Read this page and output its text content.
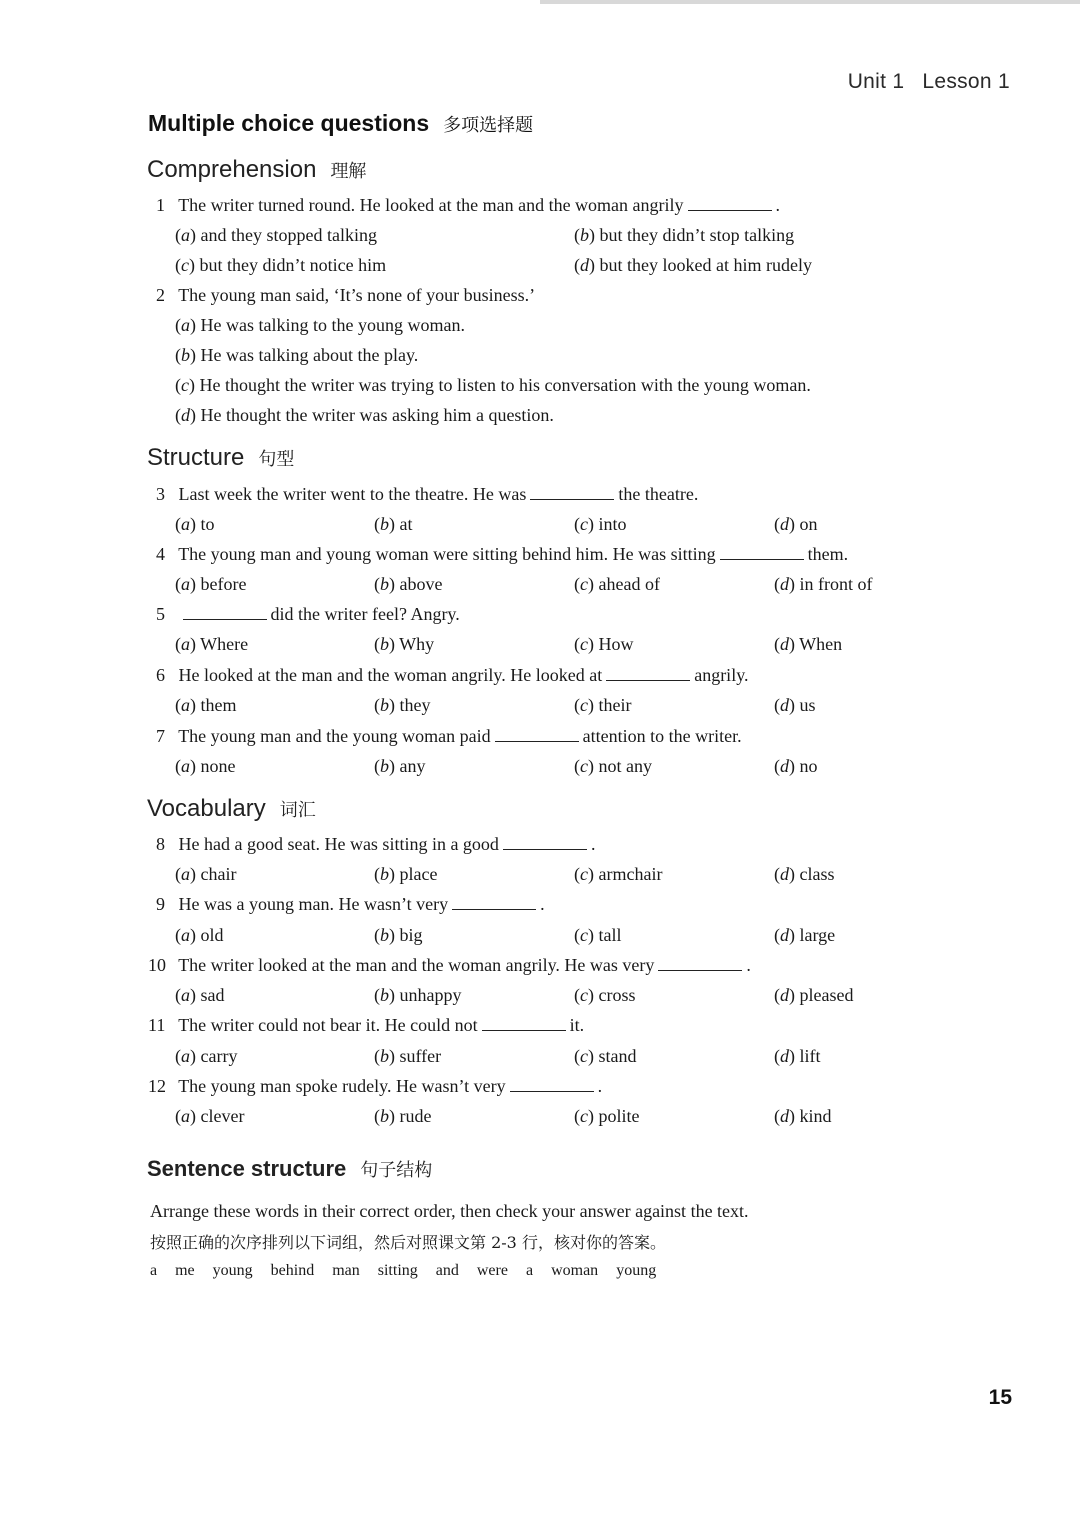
Unit 1 Lesson 1
Multiple choice questions 多项选择题
Comprehension 理解
1 The writer turned round. He looked at the man and the woman angrily	.
(a) and they stopped talking	(b) but they didn’t stop talking
(c) but they didn’t notice him	(d) but they looked at him rudely
2 The young man said, ‘It’s none of your business.’
(a) He was talking to the young woman.
(b) He was talking about the play.
(c) He thought the writer was trying to listen to his conversation with the young woman.
(d) He thought the writer was asking him a question.
Structure 句型
3 Last week the writer went to the theatre. He was	the theatre.
(a) to	(b) at	(c) into	(d) on
4 The young man and young woman were sitting behind him. He was sitting	them.
(a) before	(b) above	(c) ahead of	(d) in front of
5	did the writer feel? Angry.
(a) Where	(b) Why	(c) How	(d) When
6 He looked at the man and the woman angrily. He looked at	angrily.
(a) them	(b) they	(c) their	(d) us
7 The young man and the young woman paid	attention to the writer.
(a) none	(b) any	(c) not any	(d) no
Vocabulary 词汇
8 He had a good seat. He was sitting in a good	.
(a) chair	(b) place	(c) armchair	(d) class
9 He was a young man. He wasn’t very	.
(a) old	(b) big	(c) tall	(d) large
10 The writer looked at the man and the woman angrily. He was very	.
(a) sad	(b) unhappy	(c) cross	(d) pleased
11 The writer could not bear it. He could not	it.
(a) carry	(b) suffer	(c) stand	(d) lift
12 The young man spoke rudely. He wasn’t very	.
(a) clever	(b) rude	(c) polite	(d) kind
Sentence structure 句子结构
Arrange these words in their correct order, then check your answer against the text.
按照正确的次序排列以下词组，然后对照课文第 2-3 行，核对你的答案。
a me young behind man sitting and were a woman young
15
